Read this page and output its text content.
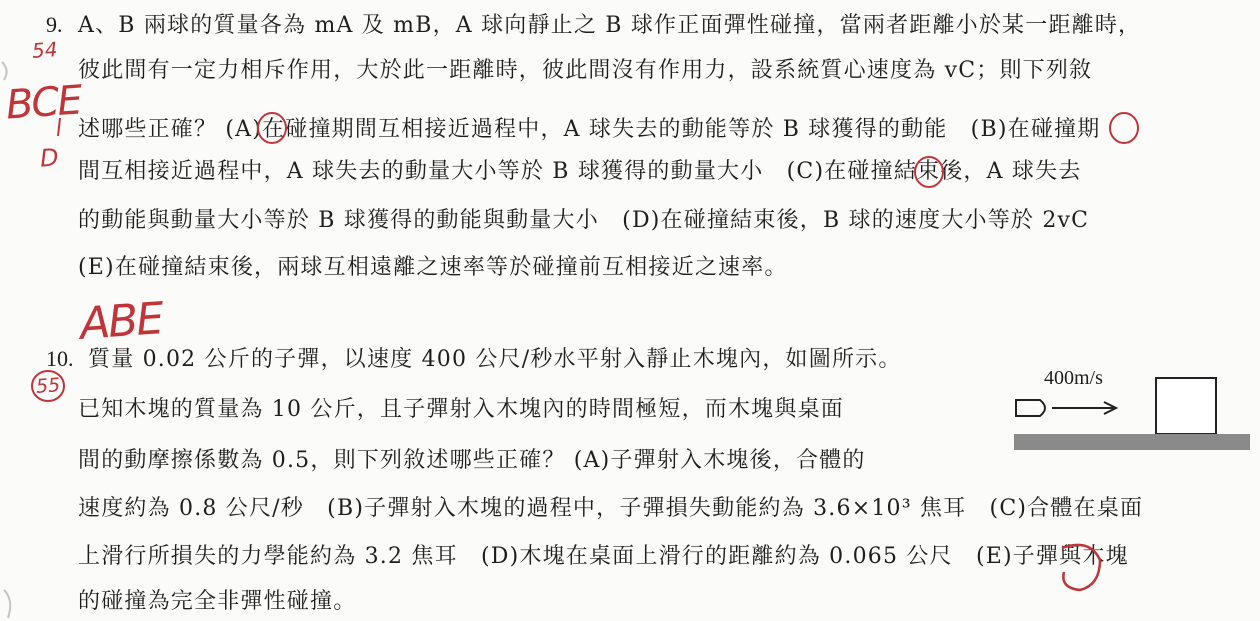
9. A、B 兩球的質量各為 mA 及 mB，A 球向靜止之 B 球作正面彈性碰撞，當兩者距離小於某一距離時，
彼此間有一定力相斥作用，大於此一距離時，彼此間沒有作用力，設系統質心速度為 vC；則下列敘
述哪些正確？ (A)在碰撞期間互相接近過程中，A 球失去的動能等於 B 球獲得的動能　(B)在碰撞期
間互相接近過程中，A 球失去的動量大小等於 B 球獲得的動量大小　(C)在碰撞結束後，A 球失去
的動能與動量大小等於 B 球獲得的動能與動量大小　(D)在碰撞結束後，B 球的速度大小等於 2vC
(E)在碰撞結束後，兩球互相遠離之速率等於碰撞前互相接近之速率。
10. 質量 0.02 公斤的子彈，以速度 400 公尺/秒水平射入靜止木塊內，如圖所示。
已知木塊的質量為 10 公斤，且子彈射入木塊內的時間極短，而木塊與桌面
間的動摩擦係數為 0.5，則下列敘述哪些正確？ (A)子彈射入木塊後，合體的
速度約為 0.8 公尺/秒　(B)子彈射入木塊的過程中，子彈損失動能約為 3.6×10³ 焦耳　(C)合體在桌面
上滑行所損失的力學能約為 3.2 焦耳　(D)木塊在桌面上滑行的距離約為 0.065 公尺　(E)子彈與木塊
的碰撞為完全非彈性碰撞。
400m/s
54
BCE
D
ABE
55
